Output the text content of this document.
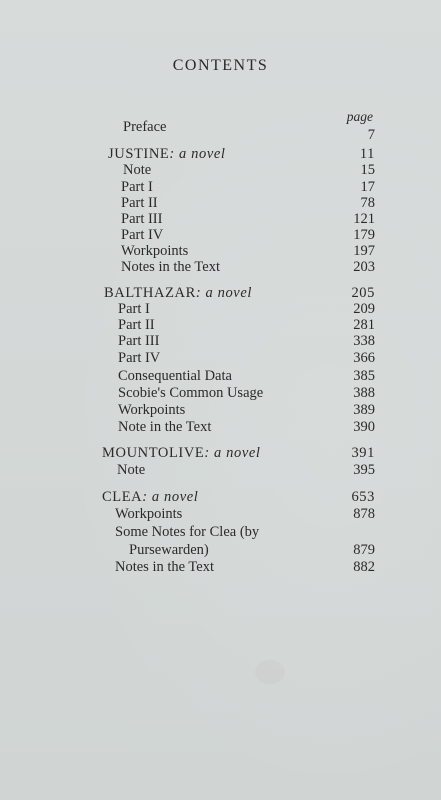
CONTENTS
page
Preface	7
JUSTINE: a novel	11
Note	15
Part I	17
Part II	78
Part III	121
Part IV	179
Workpoints	197
Notes in the Text	203
BALTHAZAR: a novel	205
Part I	209
Part II	281
Part III	338
Part IV	366
Consequential Data	385
Scobie's Common Usage	388
Workpoints	389
Note in the Text	390
MOUNTOLIVE: a novel	391
Note	395
CLEA: a novel	653
Workpoints	878
Some Notes for Clea (by
Pursewarden)	879
Notes in the Text	882
